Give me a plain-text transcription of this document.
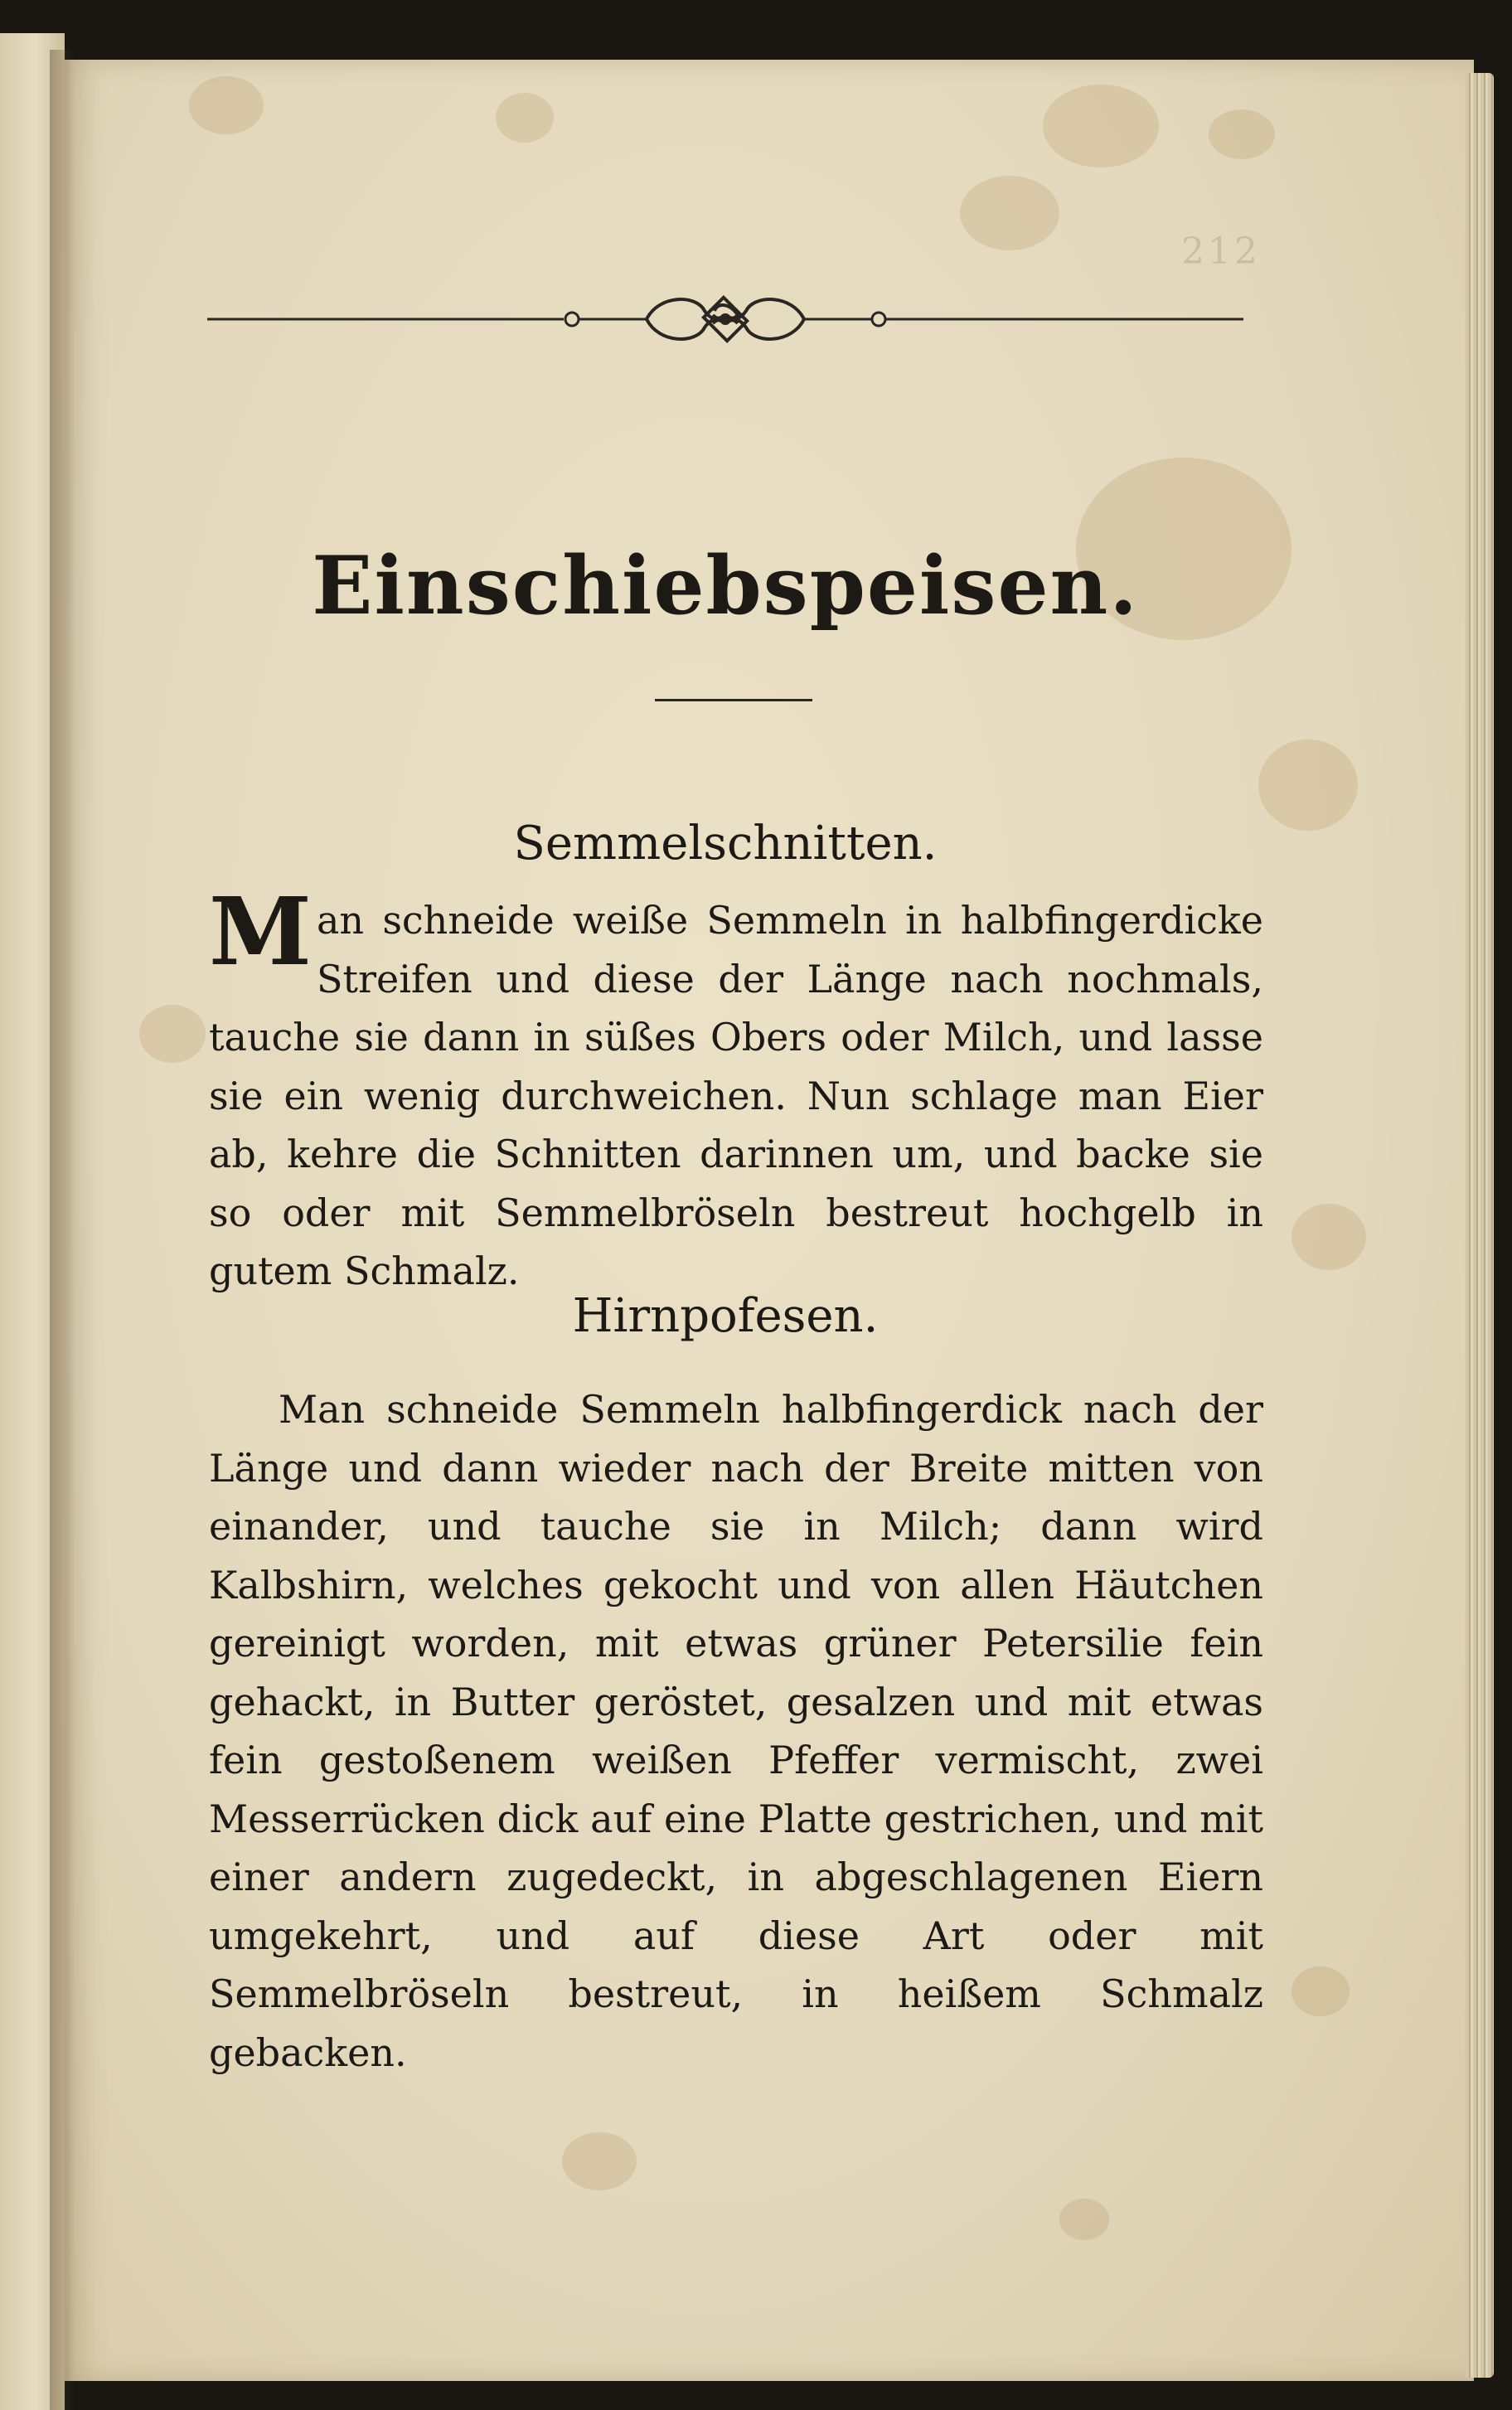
212
Einschiebspeisen.
Semmelschnitten.

Man schneide weiße Semmeln in halbfingerdicke Streifen und diese der Länge nach nochmals, tauche sie dann in süßes Obers oder Milch, und lasse sie ein wenig durchweichen. Nun schlage man Eier ab, kehre die Schnitten darinnen um, und backe sie so oder mit Semmelbröseln bestreut hochgelb in gutem Schmalz.

Hirnpofesen.

Man schneide Semmeln halbfingerdick nach der Länge und dann wieder nach der Breite mitten von einander, und tauche sie in Milch; dann wird Kalbshirn, welches gekocht und von allen Häutchen gereinigt worden, mit etwas grüner Petersilie fein gehackt, in Butter geröstet, gesalzen und mit etwas fein gestoßenem weißen Pfeffer vermischt, zwei Messerrücken dick auf eine Platte gestrichen, und mit einer andern zugedeckt, in abgeschlagenen Eiern umgekehrt, und auf diese Art oder mit Semmelbröseln bestreut, in heißem Schmalz gebacken.
